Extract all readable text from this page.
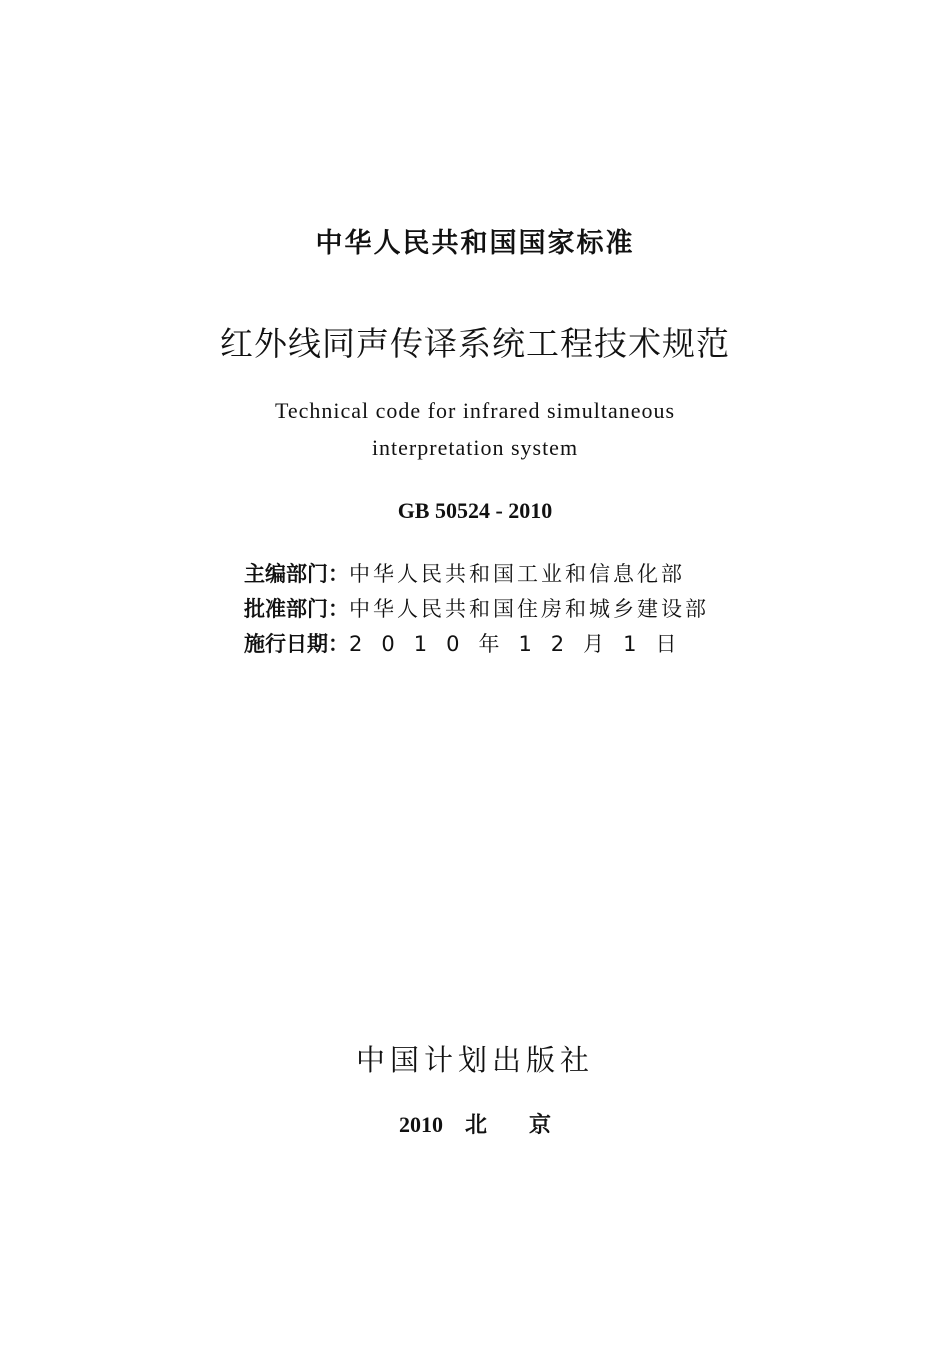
中华人民共和国国家标准
红外线同声传译系统工程技术规范
Technical code for infrared simultaneous
interpretation system
GB 50524 - 2010
主编部门：中华人民共和国工业和信息化部
批准部门：中华人民共和国住房和城乡建设部
施行日期：2010年12月1日
中国计划出版社
2010 北 京
